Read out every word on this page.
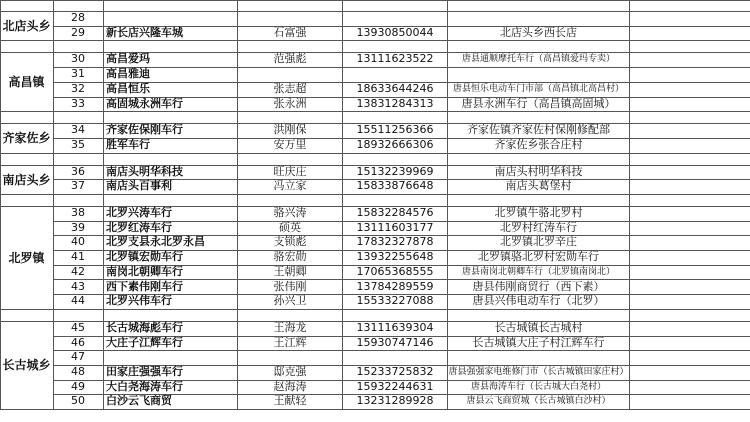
28
29	新长店兴隆车城	石富强	13930850044	北店头乡西长店
北店头乡
30	高昌爱玛	范强彪	13111623522	唐县通顺摩托车行（高昌镇爱玛专卖）
31	高昌雅迪
32	高昌恒乐	张志超	18633644246	唐县恒乐电动车门市部（高昌镇北高昌村）
33	高固城永洲车行	张永洲	13831284313	唐县永洲车行（高昌镇高固城）
高昌镇
34	齐家佐保刚车行	洪刚保	15511256366	齐家佐镇齐家佐村保刚修配部
35	胜军车行	安万里	18932666306	齐家佐乡张合庄村
齐家佐乡
36	南店头明华科技	旺庆庄	15132239969	南店头村明华科技
37	南店头百事利	冯立家	15833876648	南店头葛堡村
南店头乡
38	北罗兴涛车行	骆兴涛	15832284576	北罗镇牛骆北罗村
39	北罗红涛车行	硕英	13111603177	北罗村红涛车行
40	北罗支县永北罗永昌	支锁彪	17832327878	北罗镇北罗辛庄
41	北罗镇宏勋车行	骆宏勋	13932255648	北罗镇骆北罗村宏勋车行
42	南岗北朝卿车行	王朝卿	17065368555	唐县南岗北朝卿车行（北罗镇南岗北）
43	西下素伟刚车行	张伟刚	13784289559	唐县伟刚商贸行（西下素）
44	北罗兴伟车行	孙兴卫	15533227088	唐县兴伟电动车行（北罗）
北罗镇
45	长古城海彪车行	王海龙	13111639304	长古城镇长古城村
46	大庄子江辉车行	王江辉	15930747146	长古城镇大庄子村江辉车行
47
48	田家庄强强车行	邸克强	15233725832	唐县强强家电维修门市（长古城镇田家庄村）
49	大白尧海涛车行	赵海涛	15932244631	唐县海涛车行（长古城大白尧村）
50	白沙云飞商贸	王献轻	13231289928	唐县云飞商贸城（长古城镇白沙村）
长古城乡
